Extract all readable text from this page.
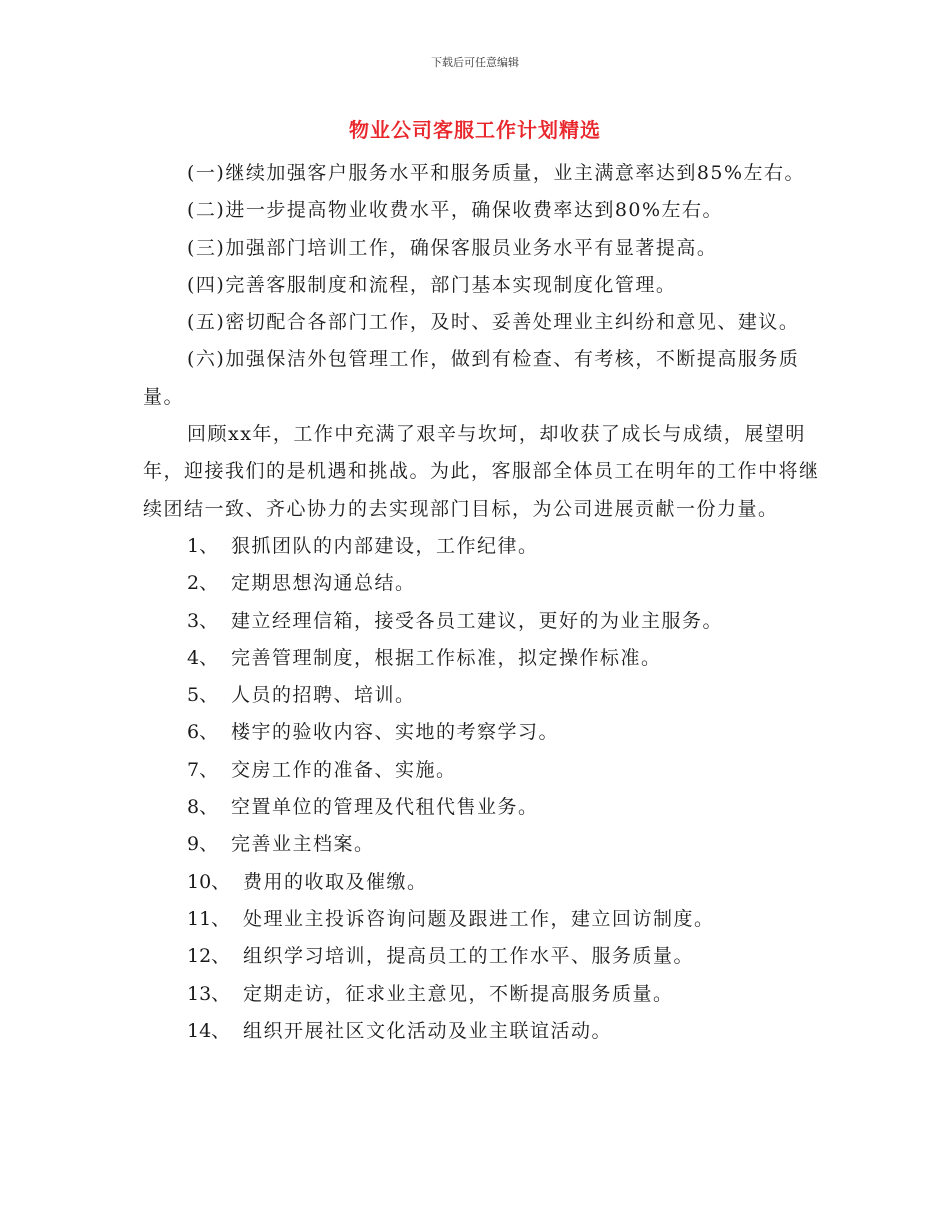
下载后可任意编辑
物业公司客服工作计划精选

(一)继续加强客户服务水平和服务质量，业主满意率达到85%左右。

(二)进一步提高物业收费水平，确保收费率达到80%左右。

(三)加强部门培训工作，确保客服员业务水平有显著提高。

(四)完善客服制度和流程，部门基本实现制度化管理。

(五)密切配合各部门工作，及时、妥善处理业主纠纷和意见、建议。

(六)加强保洁外包管理工作，做到有检查、有考核，不断提高服务质量。

回顾xx年，工作中充满了艰辛与坎坷，却收获了成长与成绩，展望明年，迎接我们的是机遇和挑战。为此，客服部全体员工在明年的工作中将继续团结一致、齐心协力的去实现部门目标，为公司进展贡献一份力量。

1、 狠抓团队的内部建设，工作纪律。
2、 定期思想沟通总结。
3、 建立经理信箱，接受各员工建议，更好的为业主服务。
4、 完善管理制度，根据工作标准，拟定操作标准。
5、 人员的招聘、培训。
6、 楼宇的验收内容、实地的考察学习。
7、 交房工作的准备、实施。
8、 空置单位的管理及代租代售业务。
9、 完善业主档案。
10、 费用的收取及催缴。
11、 处理业主投诉咨询问题及跟进工作，建立回访制度。
12、 组织学习培训，提高员工的工作水平、服务质量。
13、 定期走访，征求业主意见，不断提高服务质量。
14、 组织开展社区文化活动及业主联谊活动。
